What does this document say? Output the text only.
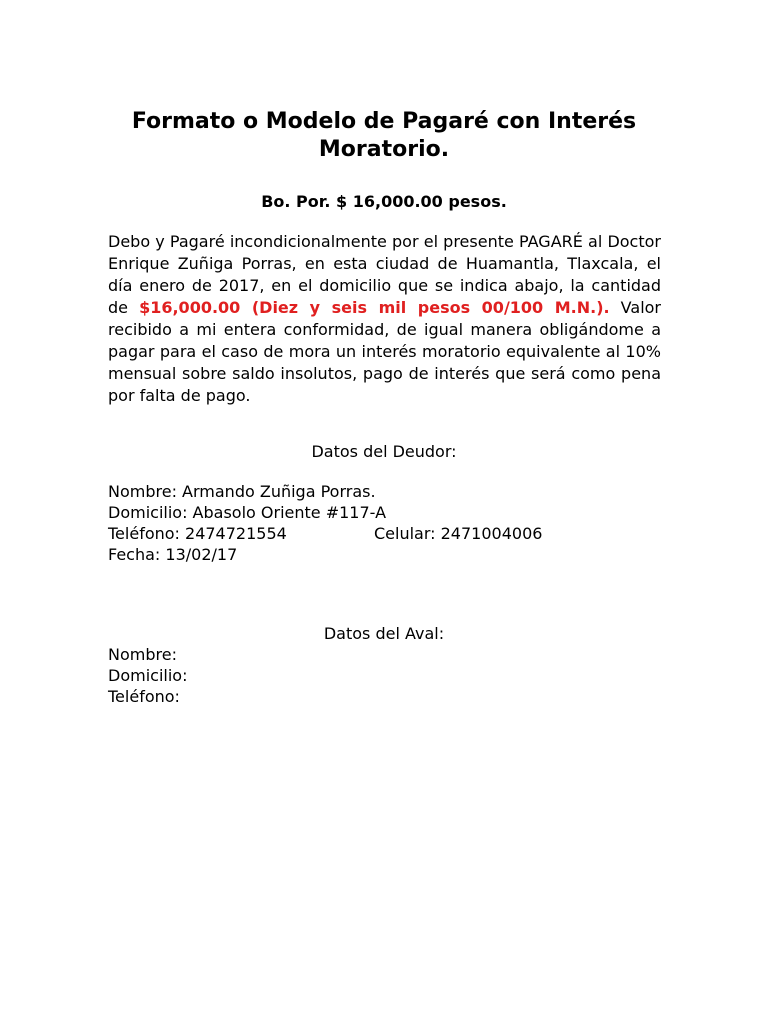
Formato o Modelo de Pagaré con Interés Moratorio.

Bo. Por. $ 16,000.00 pesos.

Debo y Pagaré incondicionalmente por el presente PAGARÉ al Doctor Enrique Zuñiga Porras, en esta ciudad de Huamantla, Tlaxcala, el día enero de 2017, en el domicilio que se indica abajo, la cantidad de $16,000.00 (Diez y seis mil pesos 00/100 M.N.). Valor recibido a mi entera conformidad, de igual manera obligándome a pagar para el caso de mora un interés moratorio equivalente al 10% mensual sobre saldo insolutos, pago de interés que será como pena por falta de pago.

Datos del Deudor:

Nombre: Armando Zuñiga Porras.

Domicilio: Abasolo Oriente #117-A

Teléfono: 2474721554	Celular: 2471004006

Fecha: 13/02/17

Datos del Aval:

Nombre:

Domicilio:

Teléfono:
